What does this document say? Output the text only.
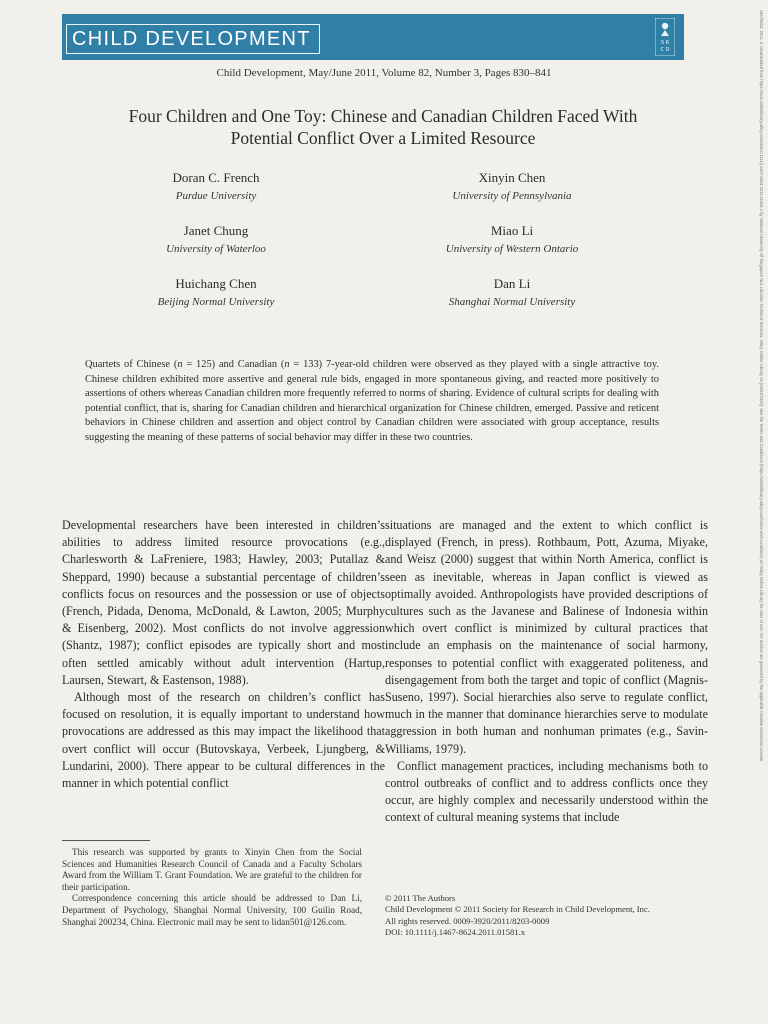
CHILD DEVELOPMENT	S R
C D
Child Development, May/June 2011, Volume 82, Number 3, Pages 830–841
Four Children and One Toy: Chinese and Canadian Children Faced With
Potential Conflict Over a Limited Resource
Doran C. French
Purdue University
Xinyin Chen
University of Pennsylvania
Janet Chung
University of Waterloo
Miao Li
University of Western Ontario
Huichang Chen
Beijing Normal University
Dan Li
Shanghai Normal University
Quartets of Chinese (n = 125) and Canadian (n = 133) 7-year-old children were observed as they played with a single attractive toy. Chinese children exhibited more assertive and general rule bids, engaged in more spontaneous giving, and reacted more positively to assertions of others whereas Canadian children more frequently referred to norms of sharing. Evidence of cultural scripts for dealing with potential conflict, that is, sharing for Canadian children and hierarchical organization for Chinese children, emerged. Passive and reticent behaviors in Chinese children and assertion and object control by Canadian children were associated with group acceptance, results suggesting the meaning of these patterns of social behavior may differ in these two countries.

Developmental researchers have been interested in children’s abilities to address limited resource provocations (e.g., Charlesworth & LaFreniere, 1983; Hawley, 2003; Putallaz & Sheppard, 1990) because a substantial percentage of children’s conflicts focus on resources and the possession or use of objects (French, Pidada, Denoma, McDonald, & Lawton, 2005; Murphy & Eisenberg, 2002). Most conflicts do not involve aggression (Shantz, 1987); conflict episodes are typically short and most often settled amicably without adult intervention (Hartup, Laursen, Stewart, & Eastenson, 1988).

Although most of the research on children’s conflict has focused on resolution, it is equally important to understand how provocations are addressed as this may impact the likelihood that overt conflict will occur (Butovskaya, Verbeek, Ljungberg, & Lundarini, 2000). There appear to be cultural differences in the manner in which potential conflict

situations are managed and the extent to which conflict is displayed (French, in press). Rothbaum, Pott, Azuma, Miyake, and Weisz (2000) suggest that within North America, conflict is seen as inevitable, whereas in Japan conflict is viewed as optimally avoided. Anthropologists have provided descriptions of cultures such as the Javanese and Balinese of Indonesia within which overt conflict is minimized by cultural practices that include an emphasis on the maintenance of social harmony, responses to potential conflict with exaggerated politeness, and disengagement from both the target and topic of conflict (Magnis-Suseno, 1997). Social hierarchies also serve to regulate conflict, much in the manner that dominance hierarchies serve to modulate aggression in both human and nonhuman primates (e.g., Savin-Williams, 1979).

Conflict management practices, including mechanisms both to control outbreaks of conflict and to address conflicts once they occur, are highly complex and necessarily understood within the context of cultural meaning systems that include

This research was supported by grants to Xinyin Chen from the Social Sciences and Humanities Research Council of Canada and a Faculty Scholars Award from the William T. Grant Foundation. We are grateful to the children for their participation.

Correspondence concerning this article should be addressed to Dan Li, Department of Psychology, Shanghai Normal University, 100 Guilin Road, Shanghai 200234, China. Electronic mail may be sent to lidan501@126.com.

© 2011 The Authors
Child Development © 2011 Society for Research in Child Development, Inc.
All rights reserved. 0009-3920/2011/8203-0009
DOI: 10.1111/j.1467-8624.2011.01581.x
14678624, 2011, 3, Downloaded from https://srcd.onlinelibrary.wiley.com/doi/10.1111/j.1467-8624.2011.01581.x by National University Of Singapore Nus Libraries Technical Services, Wiley Online Library on [04/03/2025]. See the Terms and Conditions (https://onlinelibrary.wiley.com/terms-and-conditions) on Wiley Online Library for rules of use; OA articles are governed by the applicable Creative Commons License
